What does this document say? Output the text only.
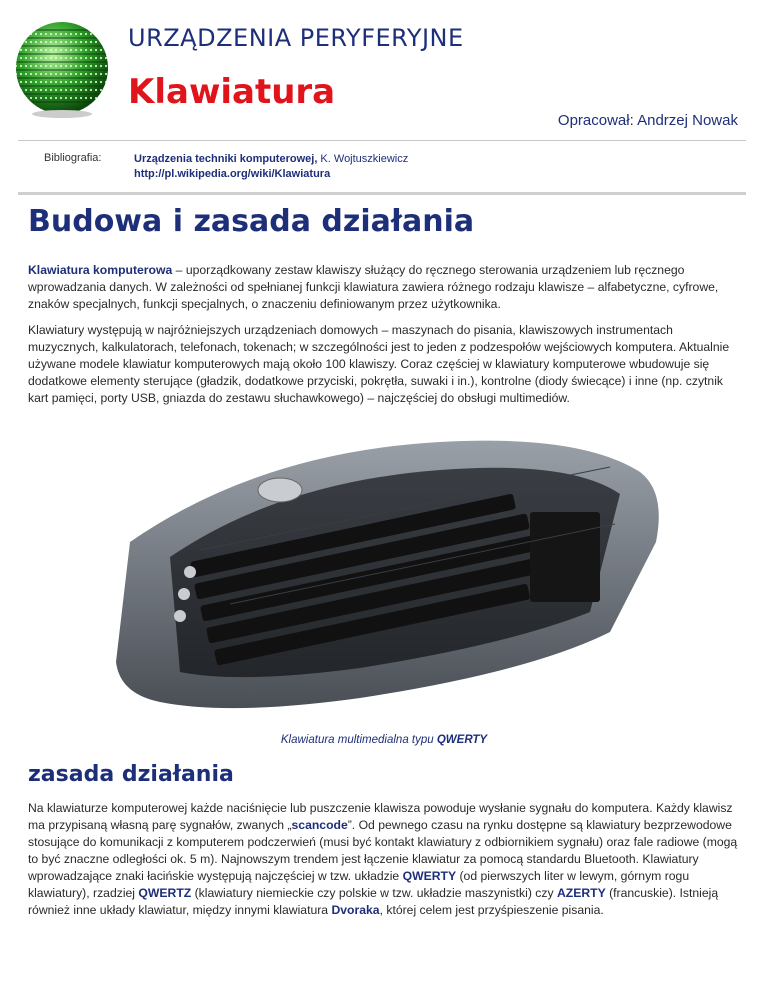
URZĄDZENIA PERYFERYJNE
Klawiatura
Opracował: Andrzej Nowak
Bibliografia:	Urządzenia techniki komputerowej, K. Wojtuszkiewicz
http://pl.wikipedia.org/wiki/Klawiatura
Budowa i zasada działania

Klawiatura komputerowa – uporządkowany zestaw klawiszy służący do ręcznego sterowania urządzeniem lub ręcznego wprowadzania danych. W zależności od spełnianej funkcji klawiatura zawiera różnego rodzaju klawisze – alfabetyczne, cyfrowe, znaków specjalnych, funkcji specjalnych, o znaczeniu definiowanym przez użytkownika.

Klawiatury występują w najróżniejszych urządzeniach domowych – maszynach do pisania, klawiszowych instrumentach muzycznych, kalkulatorach, telefonach, tokenach; w szczególności jest to jeden z podzespołów wejściowych komputera. Aktualnie używane modele klawiatur komputerowych mają około 100 klawiszy. Coraz częściej w klawiatury komputerowe wbudowuje się dodatkowe elementy sterujące (gładzik, dodatkowe przyciski, pokrętła, suwaki i in.), kontrolne (diody świecące) i inne (np. czytnik kart pamięci, porty USB, gniazda do zestawu słuchawkowego) – najczęściej do obsługi multimediów.

Klawiatura multimedialna typu QWERTY
zasada działania

Na klawiaturze komputerowej każde naciśnięcie lub puszczenie klawisza powoduje wysłanie sygnału do komputera. Każdy klawisz ma przypisaną własną parę sygnałów, zwanych „scancode”. Od pewnego czasu na rynku dostępne są klawiatury bezprzewodowe stosujące do komunikacji z komputerem podczerwień (musi być kontakt klawiatury z odbiornikiem sygnału) oraz fale radiowe (mogą to być znaczne odległości ok. 5 m). Najnowszym trendem jest łączenie klawiatur za pomocą standardu Bluetooth. Klawiatury wprowadzające znaki łacińskie występują najczęściej w tzw. układzie QWERTY (od pierwszych liter w lewym, górnym rogu klawiatury), rzadziej QWERTZ (klawiatury niemieckie czy polskie w tzw. układzie maszynistki) czy AZERTY (francuskie). Istnieją również inne układy klawiatur, między innymi klawiatura Dvoraka, której celem jest przyśpieszenie pisania.
